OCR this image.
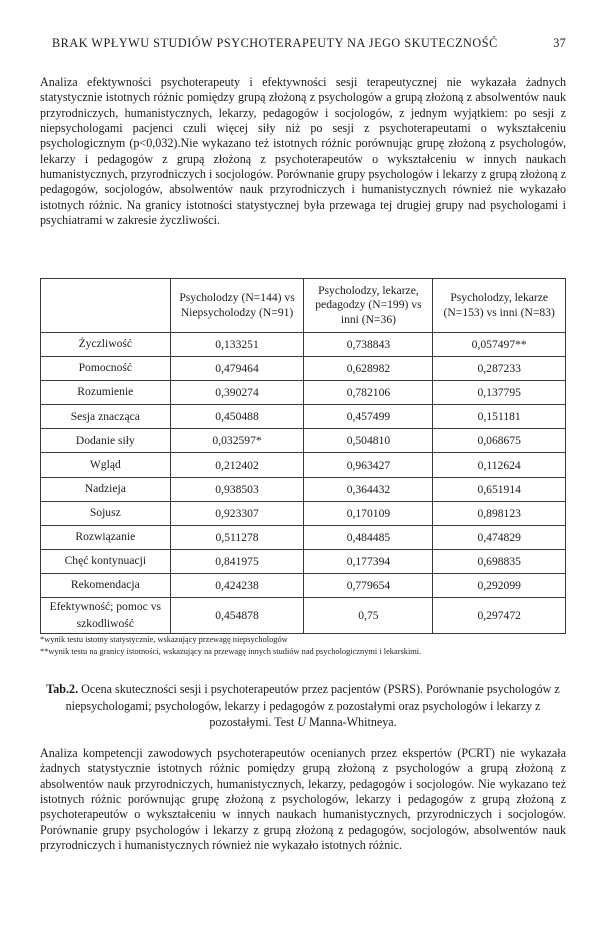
BRAK WPŁYWU STUDIÓW PSYCHOTERAPEUTY NA JEGO SKUTECZNOŚĆ	37

Analiza efektywności psychoterapeuty i efektywności sesji terapeutycznej nie wykazała żadnych statystycznie istotnych różnic pomiędzy grupą złożoną z psychologów a grupą złożoną z absolwentów nauk przyrodniczych, humanistycznych, lekarzy, pedagogów i socjologów, z jednym wyjątkiem: po sesji z niepsychologami pacjenci czuli więcej siły niż po sesji z psychoterapeutami o wykształceniu psychologicznym (p<0,032).Nie wykazano też istotnych różnic porównując grupę złożoną z psychologów, lekarzy i pedagogów z grupą złożoną z psychoterapeutów o wykształceniu w innych naukach humanistycznych, przyrodniczych i socjologów. Porównanie grupy psychologów i lekarzy z grupą złożoną z pedagogów, socjologów, absolwentów nauk przyrodniczych i humanistycznych również nie wykazało istotnych różnic. Na granicy istotności statystycznej była przewaga tej drugiej grupy nad psychologami i psychiatrami w zakresie życzliwości.

	Psycholodzy (N=144) vs Niepsycholodzy (N=91)	Psycholodzy, lekarze, pedagodzy (N=199) vs inni (N=36)	Psycholodzy, lekarze (N=153) vs inni (N=83)
Życzliwość	0,133251	0,738843	0,057497**
Pomocność	0,479464	0,628982	0,287233
Rozumienie	0,390274	0,782106	0,137795
Sesja znacząca	0,450488	0,457499	0,151181
Dodanie siły	0,032597*	0,504810	0,068675
Wgląd	0,212402	0,963427	0,112624
Nadzieja	0,938503	0,364432	0,651914
Sojusz	0,923307	0,170109	0,898123
Rozwiązanie	0,511278	0,484485	0,474829
Chęć kontynuacji	0,841975	0,177394	0,698835
Rekomendacja	0,424238	0,779654	0,292099
Efektywność; pomoc vs szkodliwość	0,454878	0,75	0,297472
*wynik testu istotny statystycznie, wskazujący przewagę niepsychologów
**wynik testu na granicy istotności, wskazujący na przewagę innych studiów nad psychologicznymi i lekarskimi.
Tab.2. Ocena skuteczności sesji i psychoterapeutów przez pacjentów (PSRS). Porównanie psychologów z niepsychologami; psychologów, lekarzy i pedagogów z pozostałymi oraz psychologów i lekarzy z pozostałymi. Test U Manna-Whitneya.

Analiza kompetencji zawodowych psychoterapeutów ocenianych przez ekspertów (PCRT) nie wykazała żadnych statystycznie istotnych różnic pomiędzy grupą złożoną z psychologów a grupą złożoną z absolwentów nauk przyrodniczych, humanistycznych, lekarzy, pedagogów i socjologów. Nie wykazano też istotnych różnic porównując grupę złożoną z psychologów, lekarzy i pedagogów z grupą złożoną z psychoterapeutów o wykształceniu w innych naukach humanistycznych, przyrodniczych i socjologów. Porównanie grupy psychologów i lekarzy z grupą złożoną z pedagogów, socjologów, absolwentów nauk przyrodniczych i humanistycznych również nie wykazało istotnych różnic.
